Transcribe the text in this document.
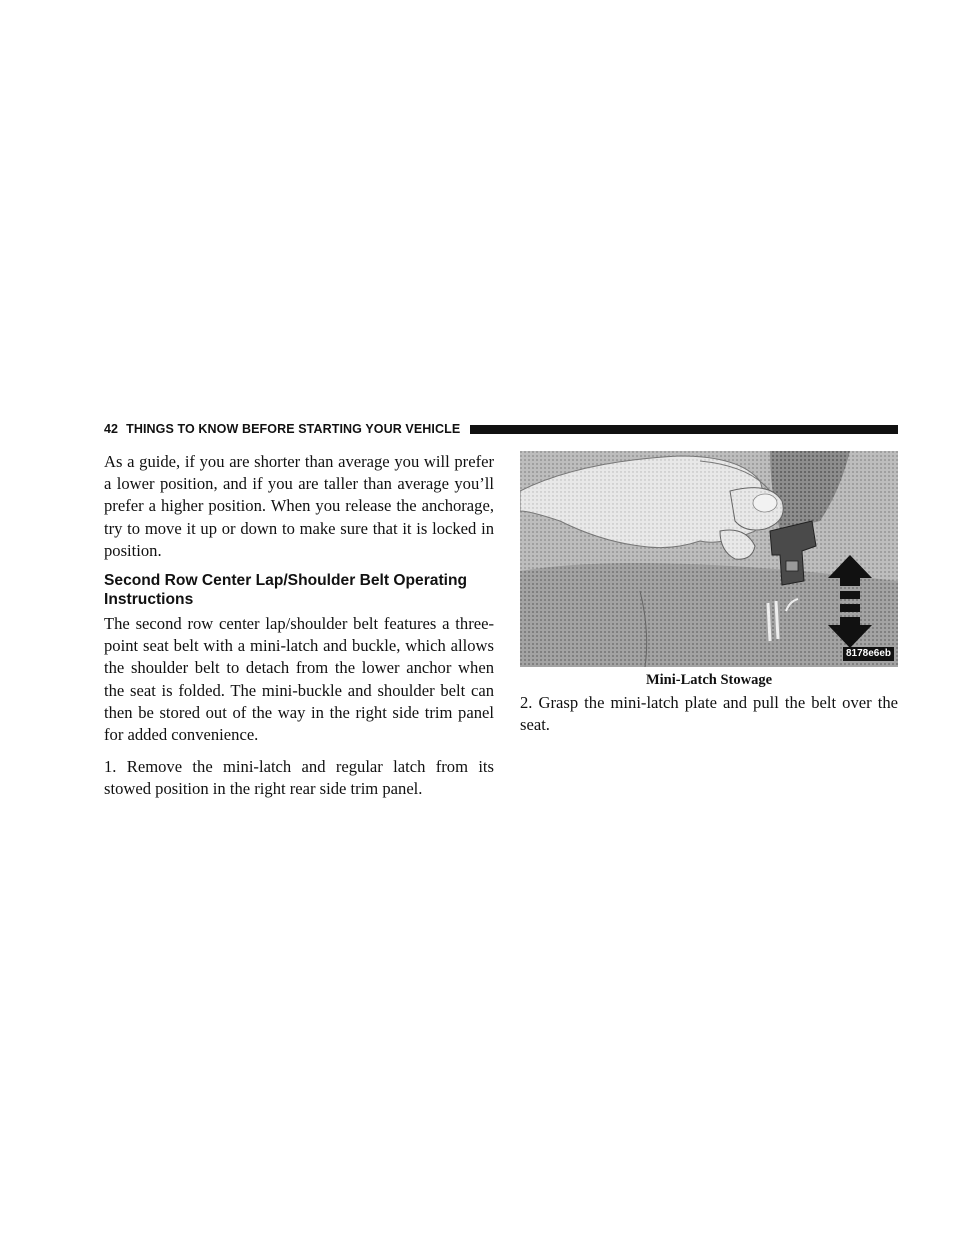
42 THINGS TO KNOW BEFORE STARTING YOUR VEHICLE

As a guide, if you are shorter than average you will prefer a lower position, and if you are taller than average you’ll prefer a higher position. When you release the anchorage, try to move it up or down to make sure that it is locked in position.

Second Row Center Lap/Shoulder Belt Operating Instructions

The second row center lap/shoulder belt features a three-point seat belt with a mini-latch and buckle, which allows the shoulder belt to detach from the lower anchor when the seat is folded. The mini-buckle and shoulder belt can then be stored out of the way in the right side trim panel for added convenience.

1. Remove the mini-latch and regular latch from its stowed position in the right rear side trim panel.

8178e6eb
Mini-Latch Stowage

2. Grasp the mini-latch plate and pull the belt over the seat.
